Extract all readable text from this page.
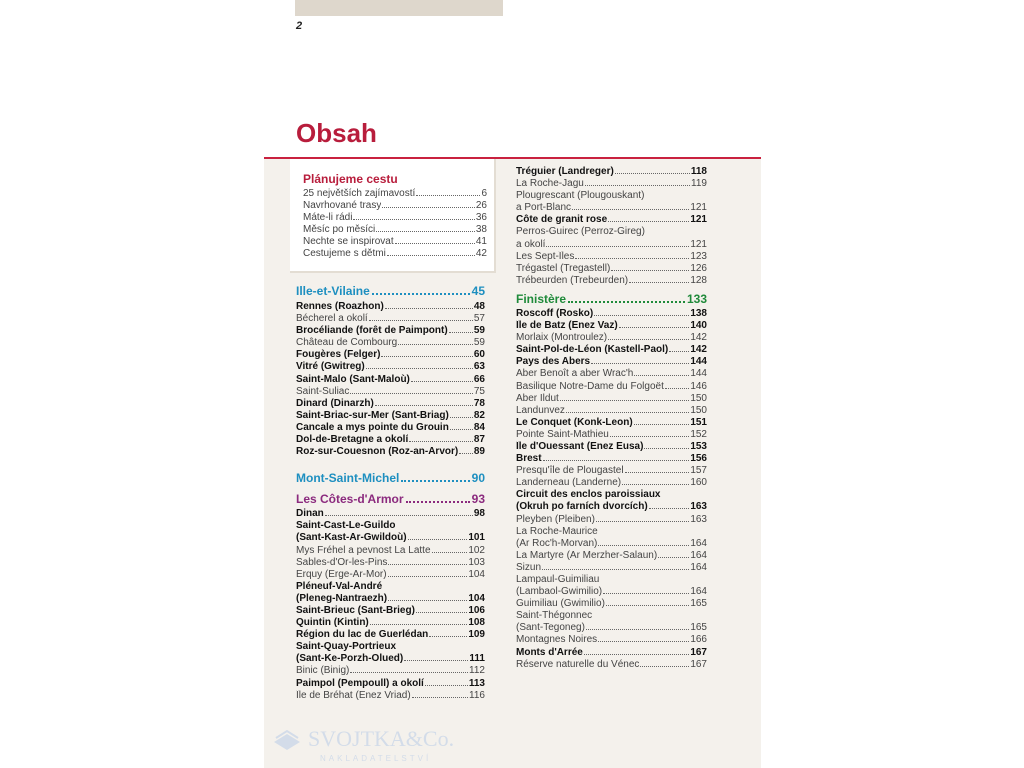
2
Obsah
Plánujeme cestu
25 největších zajímavostí	6
Navrhované trasy	26
Máte-li rádi	36
Měsíc po měsíci	38
Nechte se inspirovat	41
Cestujeme s dětmi	42
Ille-et-Vilaine	45
Rennes (Roazhon)	48
Bécherel a okolí	57
Brocéliande (forêt de Paimpont)	59
Château de Combourg	59
Fougères (Felger)	60
Vitré (Gwitreg)	63
Saint-Malo (Sant-Maloù)	66
Saint-Suliac	75
Dinard (Dinarzh)	78
Saint-Briac-sur-Mer (Sant-Briag)	82
Cancale a mys pointe du Grouin	84
Dol-de-Bretagne a okolí	87
Roz-sur-Couesnon (Roz-an-Arvor) 89
Mont-Saint-Michel	90
Les Côtes-d'Armor	93
Dinan	98
Saint-Cast-Le-Guildo
(Sant-Kast-Ar-Gwildoù)	101
Mys Fréhel a pevnost La Latte	102
Sables-d'Or-les-Pins	103
Erquy (Erge-Ar-Mor)	104
Pléneuf-Val-André
(Pleneg-Nantraezh)	104
Saint-Brieuc (Sant-Brieg)	106
Quintin (Kintin)	108
Région du lac de Guerlédan	109
Saint-Quay-Portrieux
(Sant-Ke-Porzh-Olued)	111
Binic (Binig)	112
Paimpol (Pempoull) a okolí	113
Île de Bréhat (Enez Vriad)	116
Tréguier (Landreger)	118
La Roche-Jagu	119
Plougrescant (Plougouskant)
a Port-Blanc	121
Côte de granit rose	121
Perros-Guirec (Perroz-Gireg)
a okolí	121
Les Sept-Îles	123
Trégastel (Tregastell)	126
Trébeurden (Trebeurden)	128
Finistère	133
Roscoff (Rosko)	138
Île de Batz (Enez Vaz)	140
Morlaix (Montroulez)	142
Saint-Pol-de-Léon (Kastell-Paol) 142
Pays des Abers	144
Aber Benoît a aber Wrac'h	144
Basilique Notre-Dame du Folgoët	146
Aber Ildut	150
Landunvez	150
Le Conquet (Konk-Leon)	151
Pointe Saint-Mathieu	152
Île d'Ouessant (Enez Eusa)	153
Brest	156
Presqu'île de Plougastel	157
Landerneau (Landerne)	160
Circuit des enclos paroissiaux
(Okruh po farních dvorcích)	163
Pleyben (Pleiben)	163
La Roche-Maurice
(Ar Roc'h-Morvan)	164
La Martyre (Ar Merzher-Salaun)	164
Sizun	164
Lampaul-Guimiliau
(Lambaol-Gwimilio)	164
Guimiliau (Gwimilio)	165
Saint-Thégonnec
(Sant-Tegoneg)	165
Montagnes Noires	166
Monts d'Arrée	167
Réserve naturelle du Vénec	167
SVOJTKA&Co.
NAKLADATELSTVÍ
